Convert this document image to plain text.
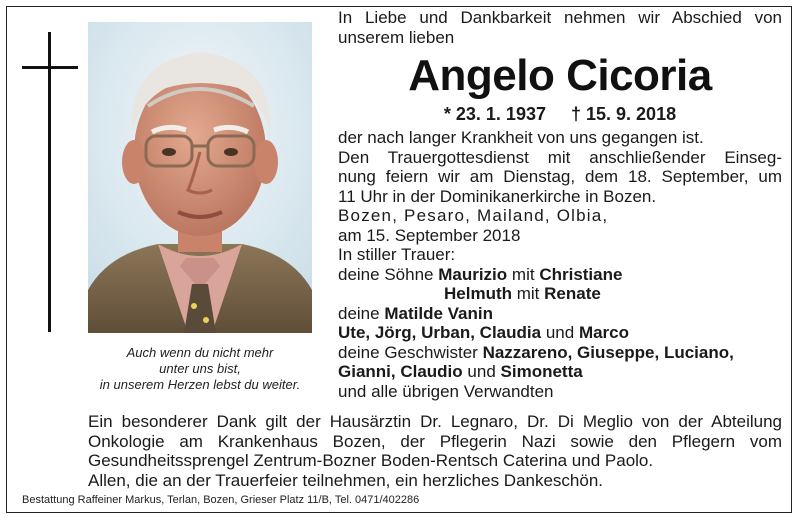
Auch wenn du nicht mehr
unter uns bist,
in unserem Herzen lebst du weiter.
In Liebe und Dankbarkeit nehmen wir Abschied von
unserem lieben
Angelo Cicoria
* 23. 1. 1937 † 15. 9. 2018
der nach langer Krankheit von uns gegangen ist.
Den Trauergottesdienst mit anschließender Einseg-
nung feiern wir am Dienstag, dem 18. September, um
11 Uhr in der Dominikanerkirche in Bozen.
Bozen, Pesaro, Mailand, Olbia,
am 15. September 2018
In stiller Trauer:
deine Söhne Maurizio mit Christiane
Helmuth mit Renate
deine Matilde Vanin
Ute, Jörg, Urban, Claudia und Marco
deine Geschwister Nazzareno, Giuseppe, Luciano,
Gianni, Claudio und Simonetta
und alle übrigen Verwandten
Ein besonderer Dank gilt der Hausärztin Dr. Legnaro, Dr. Di Meglio von der Abteilung
Onkologie am Krankenhaus Bozen, der Pflegerin Nazi sowie den Pflegern vom
Gesundheitssprengel Zentrum-Bozner Boden-Rentsch Caterina und Paolo.
Allen, die an der Trauerfeier teilnehmen, ein herzliches Dankeschön.
Bestattung Raffeiner Markus, Terlan, Bozen, Grieser Platz 11/B, Tel. 0471/402286
